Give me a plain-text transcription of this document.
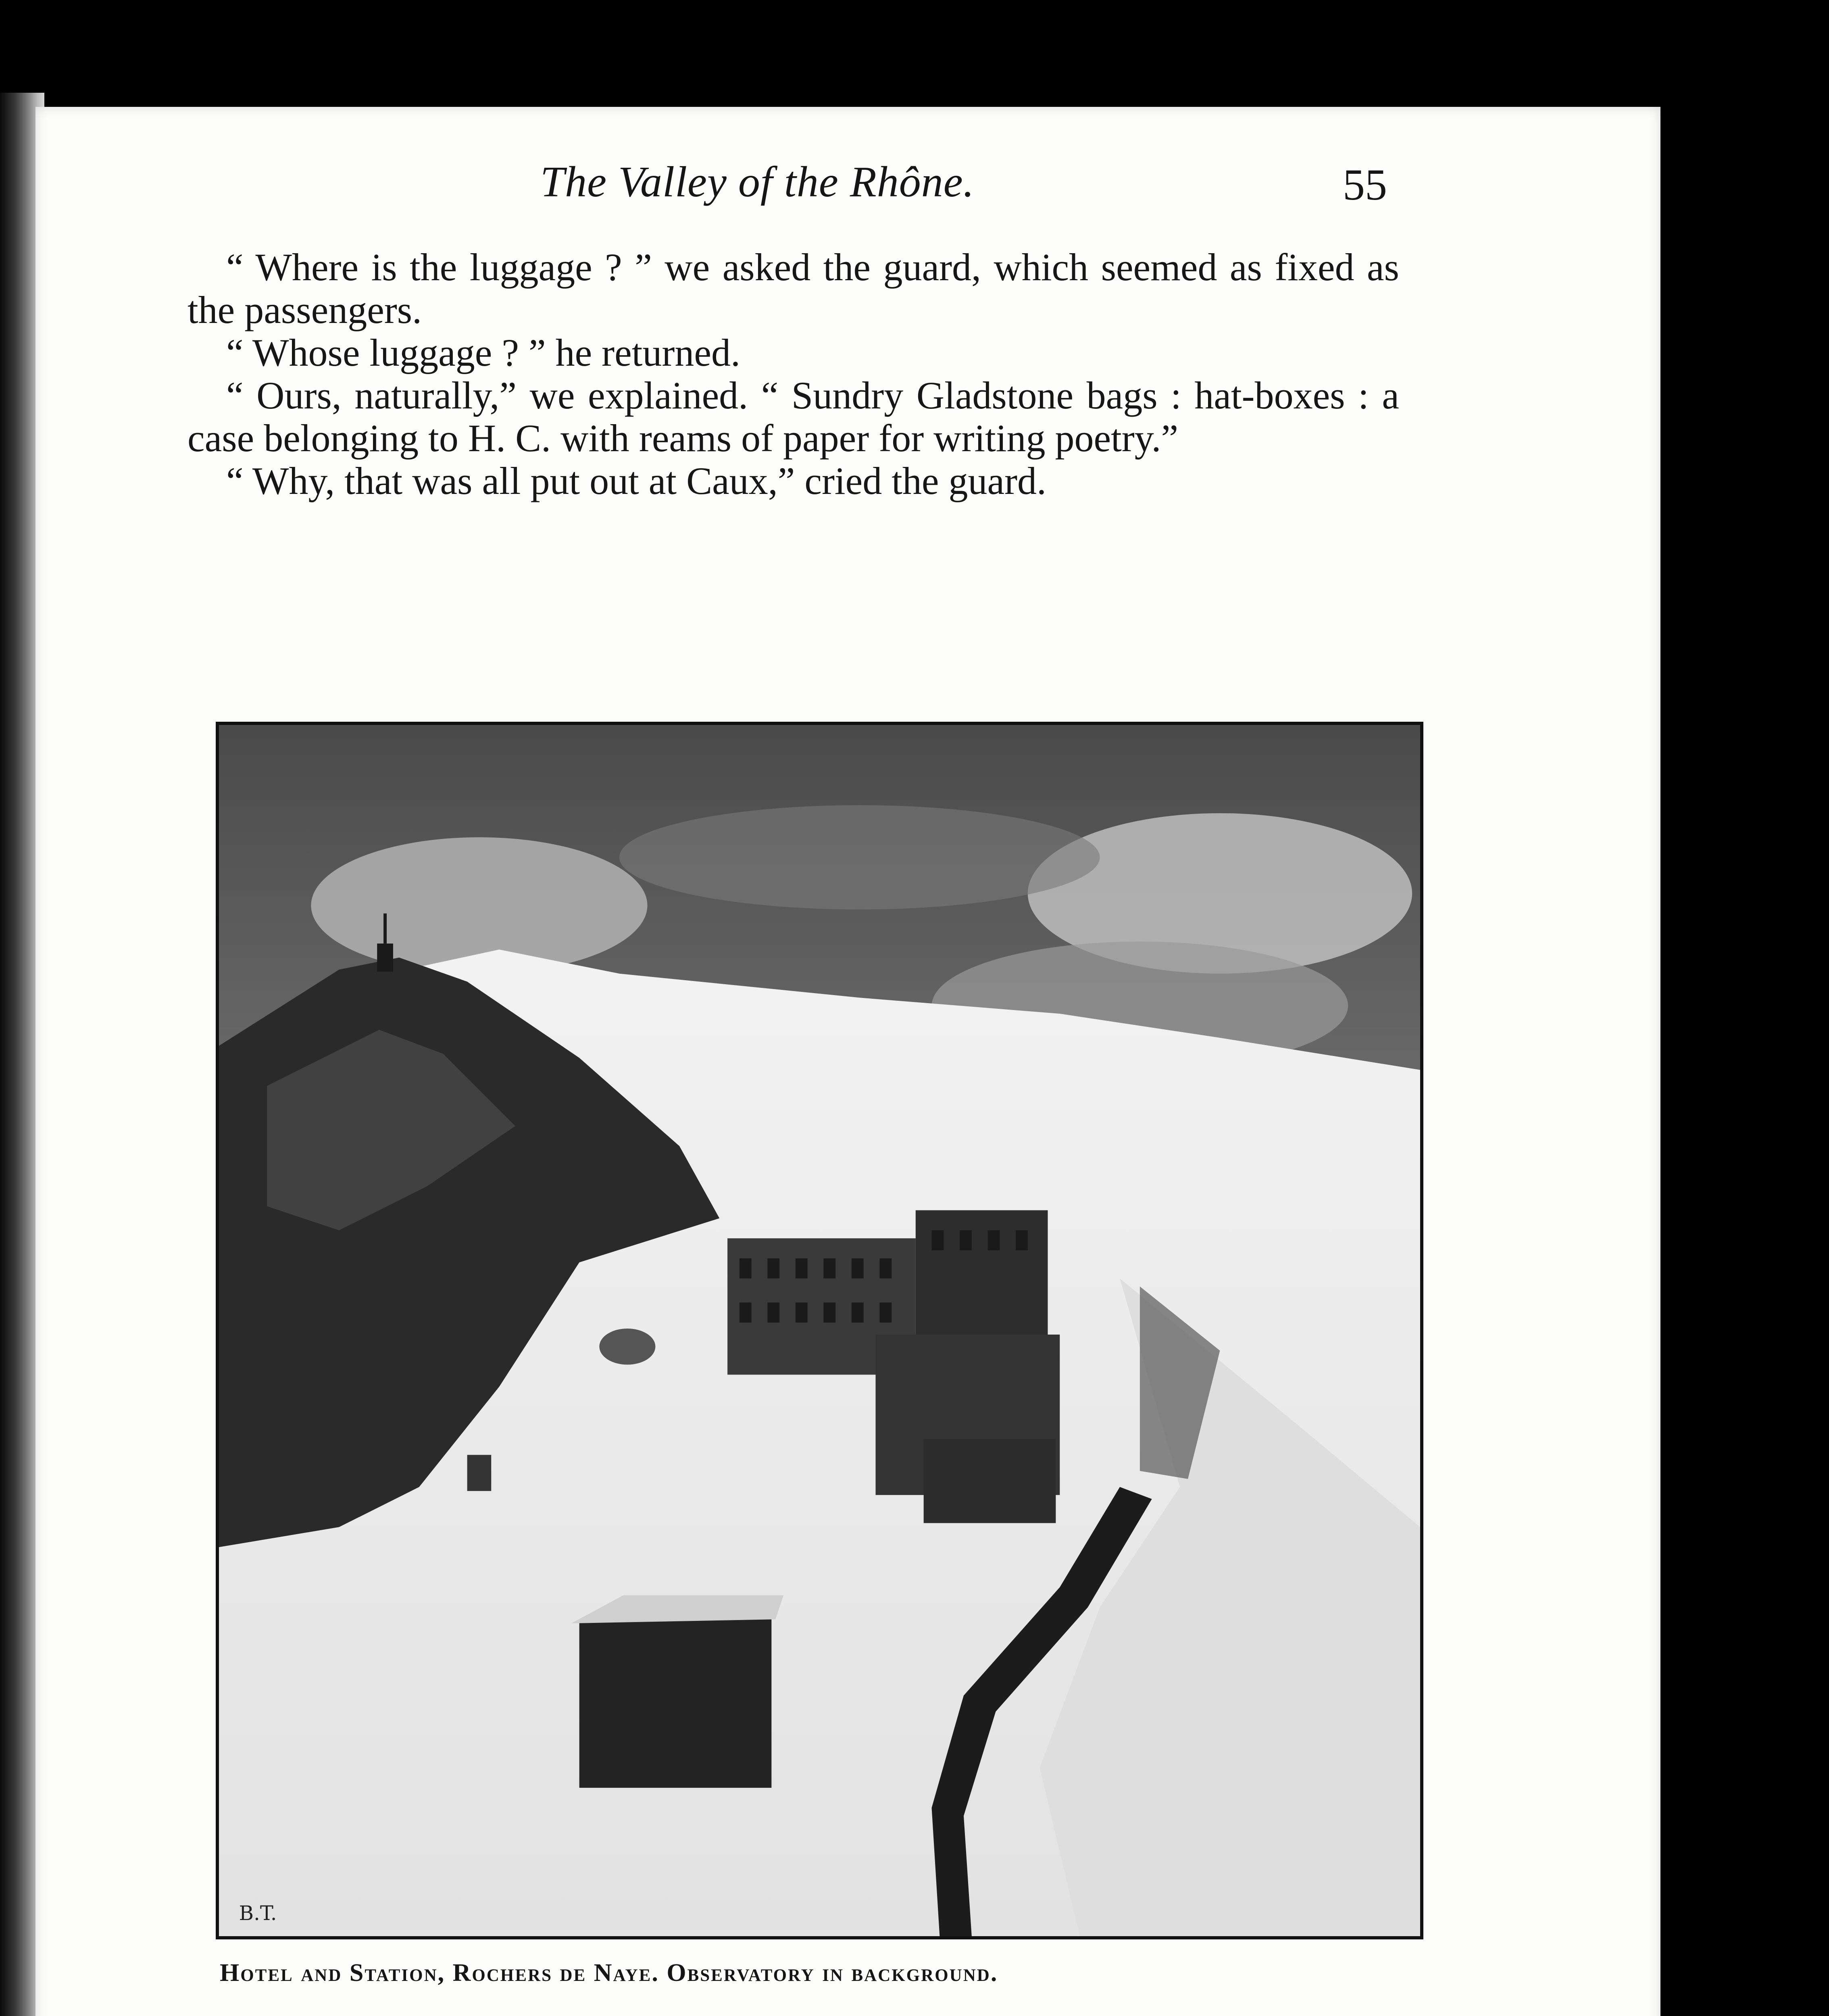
The Valley of the Rhône.	55

“ Where is the luggage ? ” we asked the guard, which seemed as fixed as the passengers.

“ Whose luggage ? ” he returned.

“ Ours, naturally,” we explained. “ Sundry Gladstone bags : hat-boxes : a case belonging to H. C. with reams of paper for writing poetry.”

“ Why, that was all put out at Caux,” cried the guard.

B.T.
Hotel and Station, Rochers de Naye. Observatory in background.
